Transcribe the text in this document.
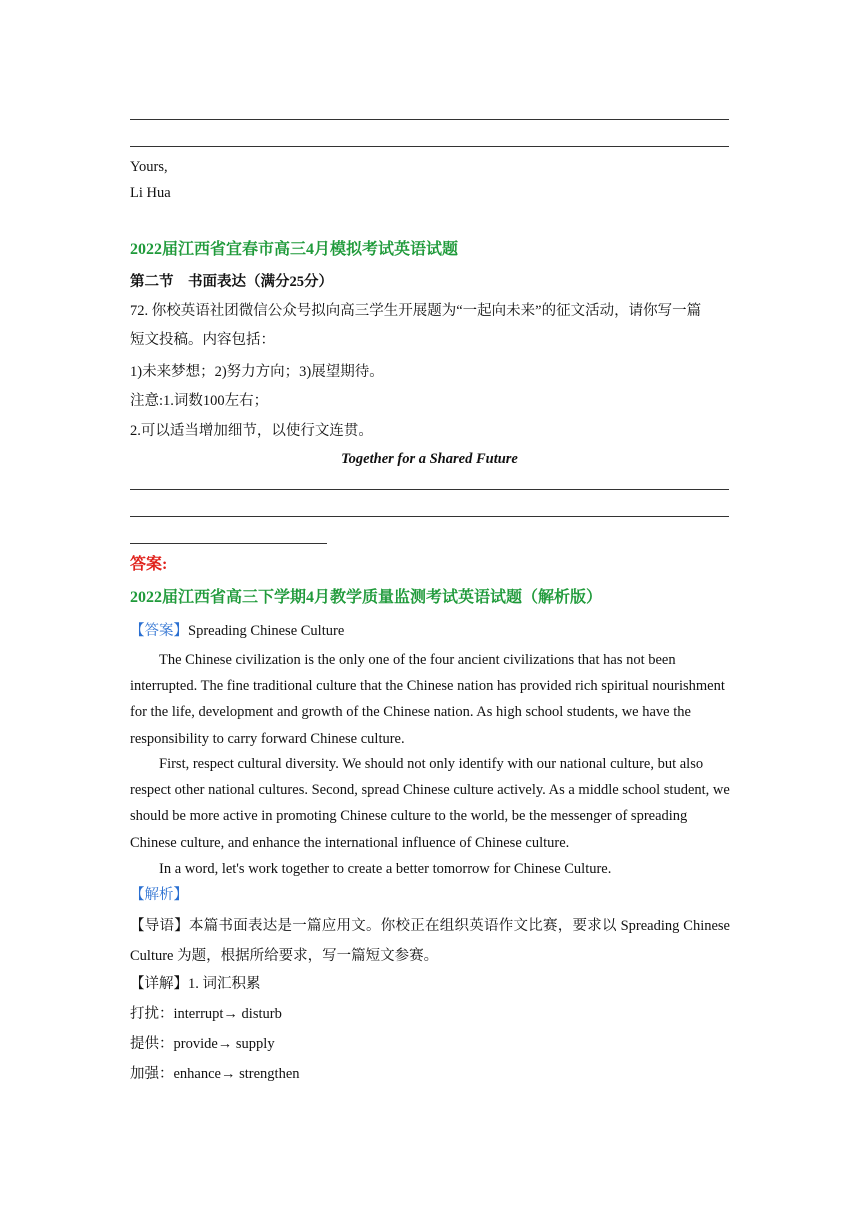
Yours,
Li Hua
2022届江西省宜春市高三4月模拟考试英语试题
第二节　书面表达（满分25分）
72. 你校英语社团微信公众号拟向高三学生开展题为“一起向未来”的征文活动，请你写一篇
短文投稿。内容包括：
1)未来梦想；2)努力方向；3)展望期待。
注意:1.词数100左右；
2.可以适当增加细节，以使行文连贯。
Together for a Shared Future
答案:
2022届江西省高三下学期4月教学质量监测考试英语试题（解析版）
【答案】Spreading Chinese Culture
The Chinese civilization is the only one of the four ancient civilizations that has not been interrupted. The fine traditional culture that the Chinese nation has provided rich spiritual nourishment for the life, development and growth of the Chinese nation. As high school students, we have the responsibility to carry forward Chinese culture.
First, respect cultural diversity. We should not only identify with our national culture, but also respect other national cultures. Second, spread Chinese culture actively. As a middle school student, we should be more active in promoting Chinese culture to the world, be the messenger of spreading Chinese culture, and enhance the international influence of Chinese culture.
In a word, let's work together to create a better tomorrow for Chinese Culture.
【解析】
【导语】本篇书面表达是一篇应用文。你校正在组织英语作文比赛，要求以 Spreading Chinese Culture 为题，根据所给要求，写一篇短文参赛。
【详解】1. 词汇积累
打扰：interrupt→ disturb
提供：provide→ supply
加强：enhance→ strengthen
